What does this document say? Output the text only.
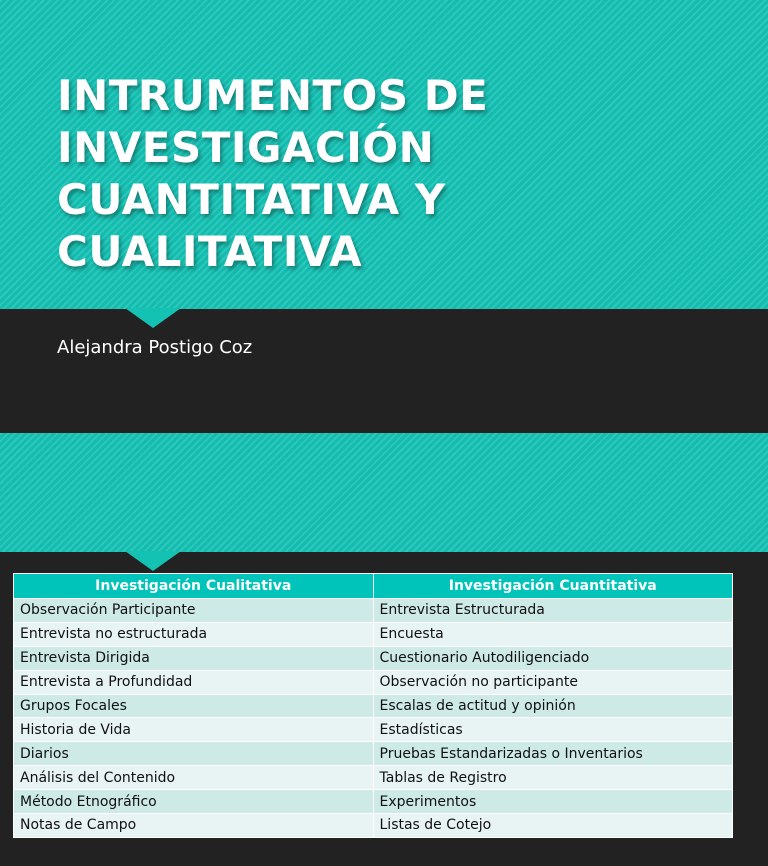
INTRUMENTOS DE
INVESTIGACIÓN
CUANTITATIVA Y
CUALITATIVA
Alejandra Postigo Coz
Investigación Cualitativa	Investigación Cuantitativa
Observación Participante	Entrevista Estructurada
Entrevista no estructurada	Encuesta
Entrevista Dirigida	Cuestionario Autodiligenciado
Entrevista a Profundidad	Observación no participante
Grupos Focales	Escalas de actitud y opinión
Historia de Vida	Estadísticas
Diarios	Pruebas Estandarizadas o Inventarios
Análisis del Contenido	Tablas de Registro
Método Etnográfico	Experimentos
Notas de Campo	Listas de Cotejo
